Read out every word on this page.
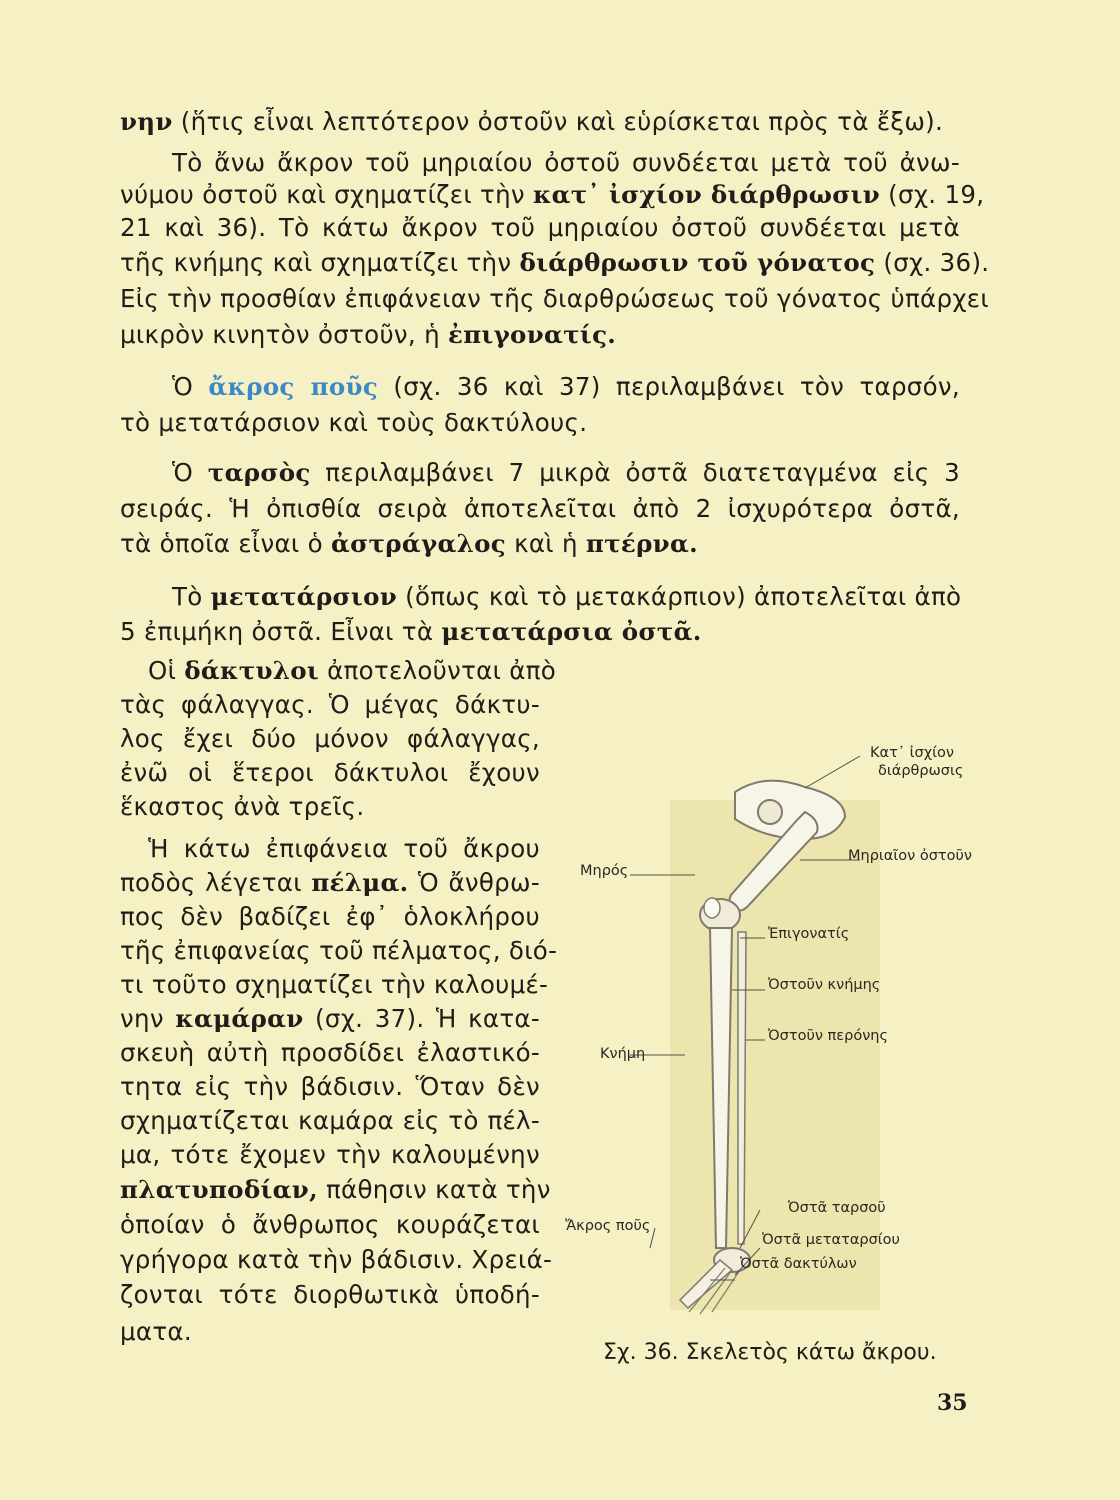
νην (ἥτις εἶναι λεπτότερον ὀστοῦν καὶ εὑρίσκεται πρὸς τὰ ἔξω).
Τὸ ἄνω ἄκρον τοῦ μηριαίου ὀστοῦ συνδέεται μετὰ τοῦ ἀνω-
νύμου ὀστοῦ καὶ σχηματίζει τὴν κατ᾽ ἰσχίον διάρθρωσιν (σχ. 19,
21 καὶ 36). Τὸ κάτω ἄκρον τοῦ μηριαίου ὀστοῦ συνδέεται μετὰ
τῆς κνήμης καὶ σχηματίζει τὴν διάρθρωσιν τοῦ γόνατος (σχ. 36).
Εἰς τὴν προσθίαν ἐπιφάνειαν τῆς διαρθρώσεως τοῦ γόνατος ὑπάρχει
μικρὸν κινητὸν ὀστοῦν, ἡ ἐπιγονατίς.
Ὁ ἄκρος ποῦς (σχ. 36 καὶ 37) περιλαμβάνει τὸν ταρσόν,
τὸ μετατάρσιον καὶ τοὺς δακτύλους.
Ὁ ταρσὸς περιλαμβάνει 7 μικρὰ ὀστᾶ διατεταγμένα εἰς 3
σειράς. Ἡ ὀπισθία σειρὰ ἀποτελεῖται ἀπὸ 2 ἰσχυρότερα ὀστᾶ,
τὰ ὁποῖα εἶναι ὁ ἀστράγαλος καὶ ἡ πτέρνα.
Τὸ μετατάρσιον (ὅπως καὶ τὸ μετακάρπιον) ἀποτελεῖται ἀπὸ
5 ἐπιμήκη ὀστᾶ. Εἶναι τὰ μετατάρσια ὀστᾶ.
Οἱ δάκτυλοι ἀποτελοῦνται ἀπὸ
τὰς φάλαγγας. Ὁ μέγας δάκτυ-
λος ἔχει δύο μόνον φάλαγγας,
ἐνῶ οἱ ἕτεροι δάκτυλοι ἔχουν
ἕκαστος ἀνὰ τρεῖς.
Ἡ κάτω ἐπιφάνεια τοῦ ἄκρου
ποδὸς λέγεται πέλμα. Ὁ ἄνθρω-
πος δὲν βαδίζει ἐφ᾽ ὁλοκλήρου
τῆς ἐπιφανείας τοῦ πέλματος, διό-
τι τοῦτο σχηματίζει τὴν καλουμέ-
νην καμάραν (σχ. 37). Ἡ κατα-
σκευὴ αὐτὴ προσδίδει ἐλαστικό-
τητα εἰς τὴν βάδισιν. Ὅταν δὲν
σχηματίζεται καμάρα εἰς τὸ πέλ-
μα, τότε ἔχομεν τὴν καλουμένην
πλατυποδίαν, πάθησιν κατὰ τὴν
ὁποίαν ὁ ἄνθρωπος κουράζεται
γρήγορα κατὰ τὴν βάδισιν. Χρειά-
ζονται τότε διορθωτικὰ ὑποδή-
ματα.
Κατ᾽ ἰσχίον
διάρθρωσις
Μηριαῖον ὀστοῦν
Μηρός
Ἐπιγονατίς
Ὀστοῦν κνήμης
Ὀστοῦν περόνης
Κνήμη
Ὀστᾶ ταρσοῦ
Ἄκρος ποῦς
Ὀστᾶ μεταταρσίου
Ὀστᾶ δακτύλων
Σχ. 36. Σκελετὸς κάτω ἄκρου.
35
